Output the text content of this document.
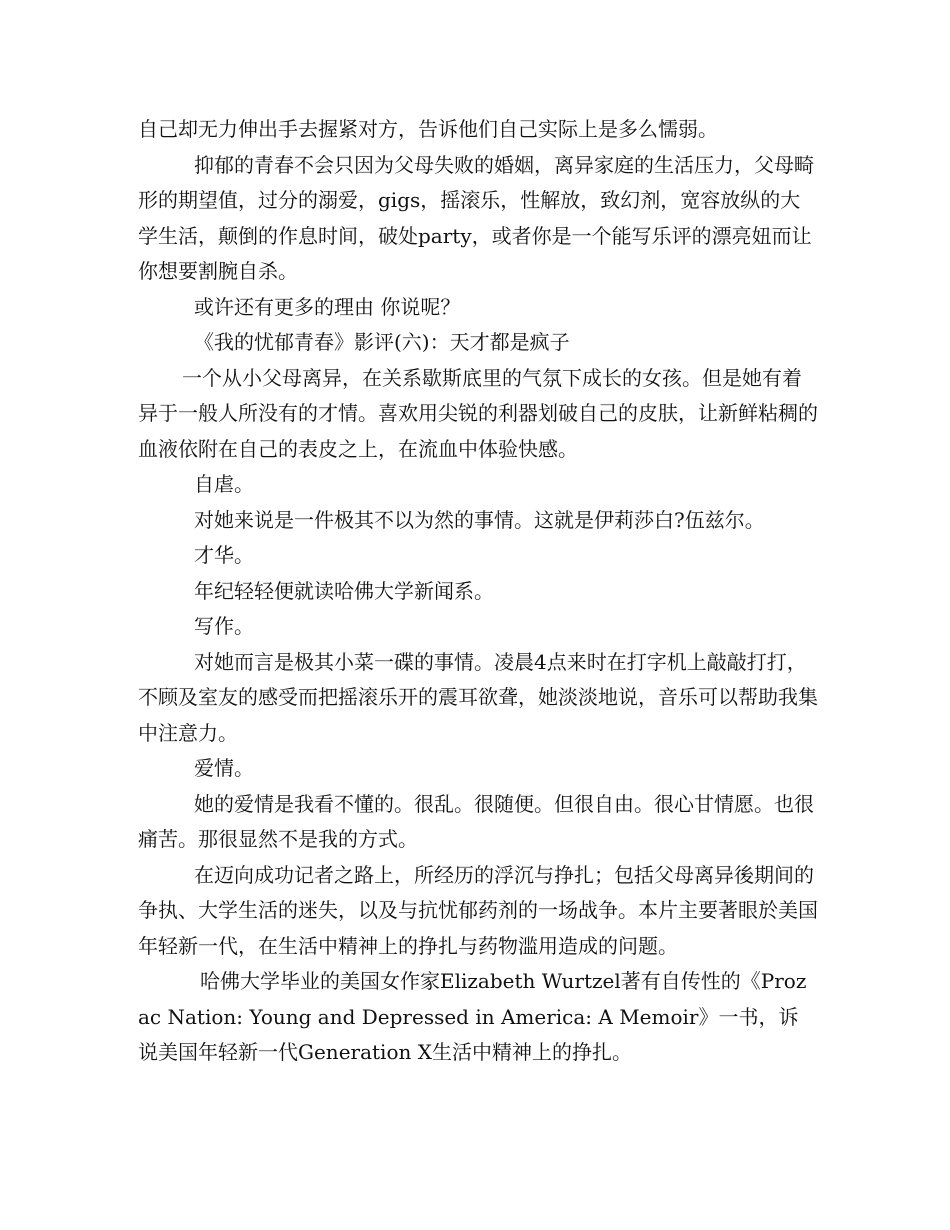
自己却无力伸出手去握紧对方，告诉他们自己实际上是多么懦弱。

抑郁的青春不会只因为父母失败的婚姻，离异家庭的生活压力，父母畸形的期望值，过分的溺爱，gigs，摇滚乐，性解放，致幻剂，宽容放纵的大学生活，颠倒的作息时间，破处party，或者你是一个能写乐评的漂亮妞而让你想要割腕自杀。

或许还有更多的理由 你说呢？

《我的忧郁青春》影评(六)：天才都是疯子

一个从小父母离异，在关系歇斯底里的气氛下成长的女孩。但是她有着异于一般人所没有的才情。喜欢用尖锐的利器划破自己的皮肤，让新鲜粘稠的血液依附在自己的表皮之上，在流血中体验快感。

自虐。

对她来说是一件极其不以为然的事情。这就是伊莉莎白?伍兹尔。

才华。

年纪轻轻便就读哈佛大学新闻系。

写作。

对她而言是极其小菜一碟的事情。凌晨4点来时在打字机上敲敲打打，不顾及室友的感受而把摇滚乐开的震耳欲聋，她淡淡地说，音乐可以帮助我集中注意力。

爱情。

她的爱情是我看不懂的。很乱。很随便。但很自由。很心甘情愿。也很痛苦。那很显然不是我的方式。

在迈向成功记者之路上，所经历的浮沉与挣扎；包括父母离异後期间的争执、大学生活的迷失，以及与抗忧郁药剂的一场战争。本片主要著眼於美国年轻新一代，在生活中精神上的挣扎与药物滥用造成的问题。

哈佛大学毕业的美国女作家Elizabeth Wurtzel著有自传性的《Prozac Nation: Young and Depressed in America: A Memoir》一书，诉说美国年轻新一代Generation X生活中精神上的挣扎。
